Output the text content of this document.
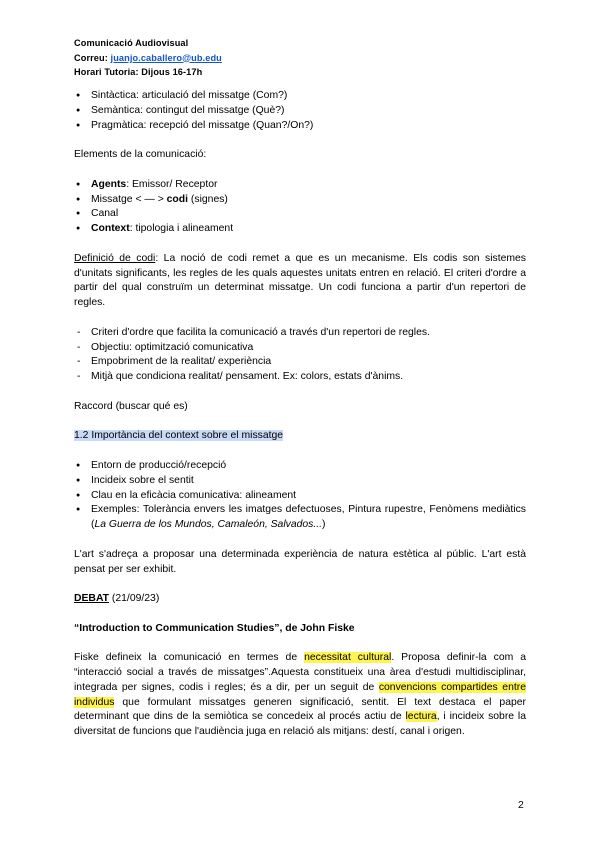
Comunicació Audiovisual
Correu: juanjo.caballero@ub.edu
Horari Tutoria: Dijous 16-17h
● Sintàctica: articulació del missatge (Com?)
● Semàntica: contingut del missatge (Què?)
● Pragmàtica: recepció del missatge (Quan?/On?)

Elements de la comunicació:

● Agents: Emissor/ Receptor
● Missatge < — > codi (signes)
● Canal
● Context: tipologia i alineament

Definició de codi: La noció de codi remet a que es un mecanisme. Els codis son sistemes d'unitats significants, les regles de les quals aquestes unitats entren en relació. El criteri d'ordre a partir del qual construïm un determinat missatge. Un codi funciona a partir d'un repertori de regles.

- Criteri d'ordre que facilita la comunicació a través d'un repertori de regles.
- Objectiu: optimització comunicativa
- Empobriment de la realitat/ experiència
- Mitjà que condiciona realitat/ pensament. Ex: colors, estats d'ànims.

Raccord (buscar qué es)

1.2 Importància del context sobre el missatge

● Entorn de producció/recepció
● Incideix sobre el sentit
● Clau en la eficàcia comunicativa: alineament
● Exemples: Tolerància envers les imatges defectuoses, Pintura rupestre, Fenòmens mediàtics (La Guerra de los Mundos, Camaleón, Salvados...)

L'art s'adreça a proposar una determinada experiència de natura estètica al públic. L'art està pensat per ser exhibit.

DEBAT (21/09/23)

“Introduction to Communication Studies”, de John Fiske

Fiske defineix la comunicació en termes de necessitat cultural. Proposa definir-la com a “interacció social a través de missatges”.Aquesta constitueix una àrea d'estudi multidisciplinar, integrada per signes, codis i regles; és a dir, per un seguit de convencions compartides entre individus que formulant missatges generen significació, sentit. El text destaca el paper determinant que dins de la semiòtica se concedeix al procés actiu de lectura, i incideix sobre la diversitat de funcions que l'audiència juga en relació als mitjans: destí, canal i origen.

2
